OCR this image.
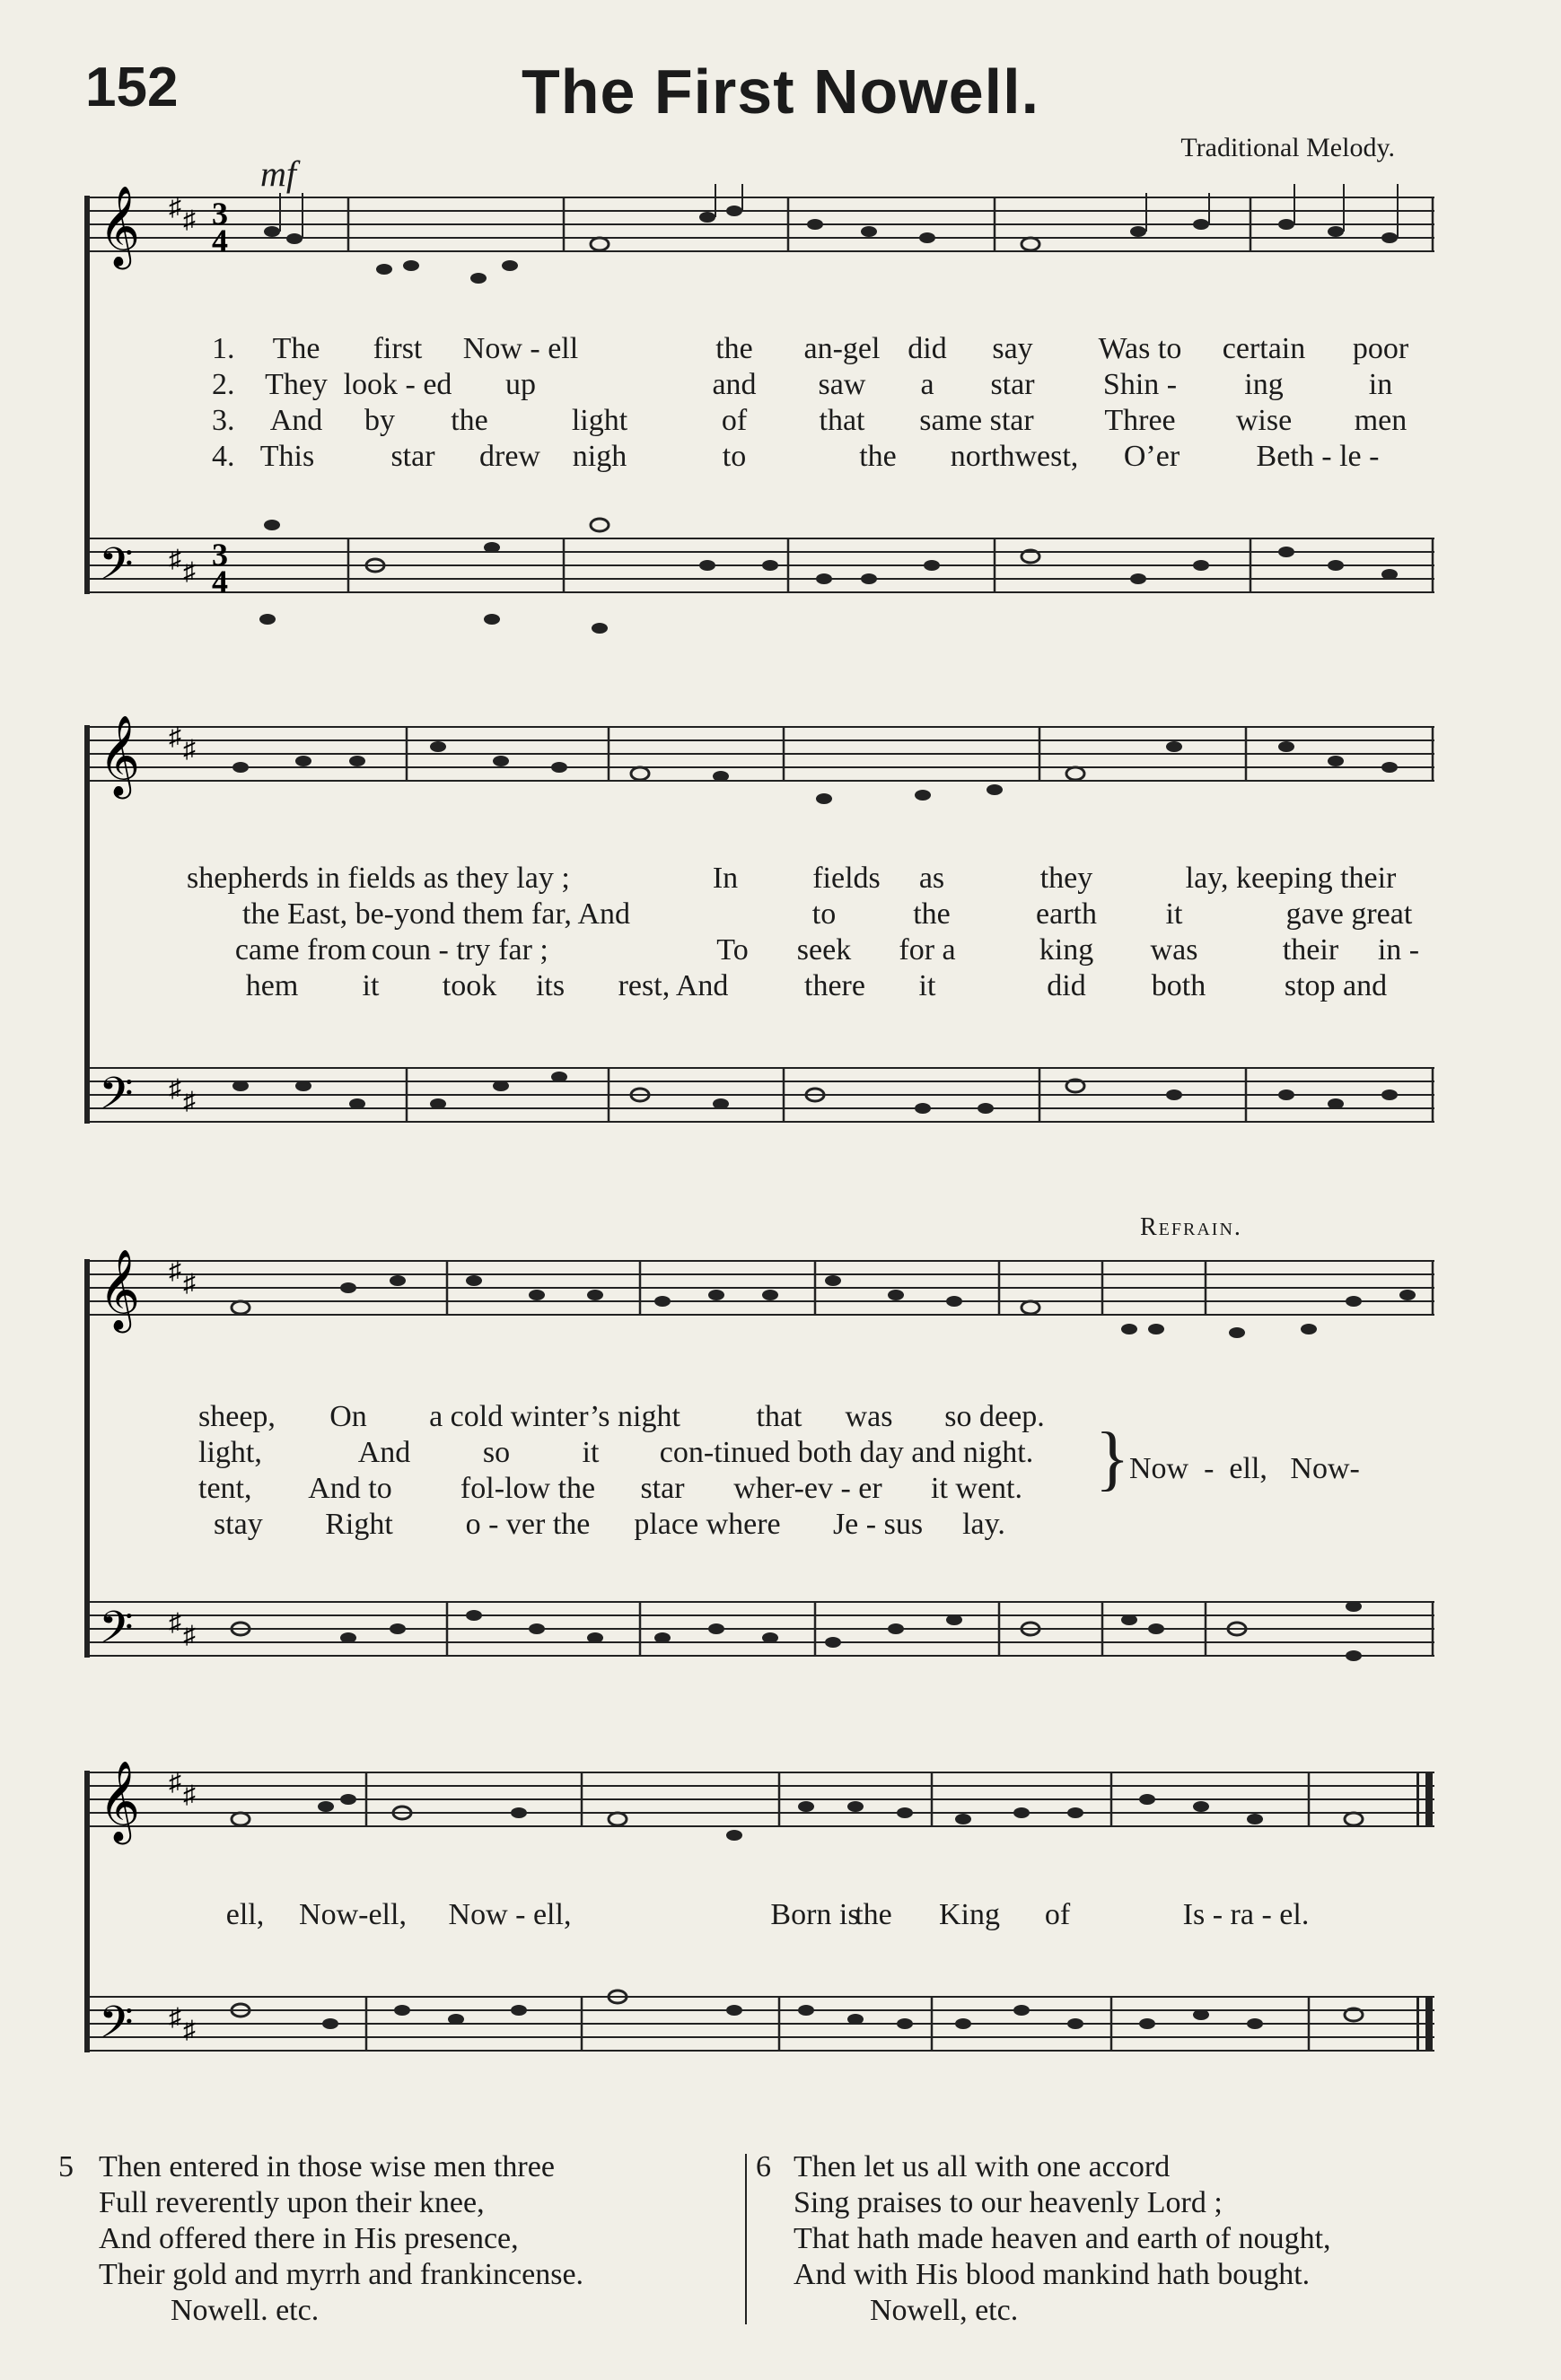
152	The First Nowell.
Traditional Melody.
mf
𝄞
𝄢
♯ ♯
♯ ♯
3
4
3
4
1. The first Now - ell	the an-gel did say Was to certain poor
2. They look - ed up	and saw a star Shin - ing	in
3. And by the	light	of that same star Three wise men
4. This	star drew nigh	to	the northwest, O’er	Beth - le -
𝄞
𝄢
♯ ♯
♯ ♯
shepherds in fields as they lay ;	In fields as	they	lay, keeping their
the East, be-yond them far, And	to	the	earth it	gave great
came from coun - try far ;	To seek for a	king was	their in -
hem it took its rest, And there it	did both	stop and
Refrain.
𝄞
𝄢
♯ ♯
♯ ♯
sheep, On a cold winter’s night that was so deep.
light,	And so it con-tinued both day and night.
tent, And to fol-low the star wher-ev - er it went.
stay Right o - ver the place where Je - sus lay.
} Now  -  ell,   Now-
𝄞
𝄢
♯ ♯
♯ ♯
ell, Now-ell, Now - ell,	Born is
the King of	Is - ra - el.
5 Then entered in those wise men three
Full reverently upon their knee,
And offered there in His presence,
Their gold and myrrh and frankincense.
Nowell. etc.
6 Then let us all with one accord
Sing praises to our heavenly Lord ;
That hath made heaven and earth of nought,
And with His blood mankind hath bought.
Nowell, etc.
